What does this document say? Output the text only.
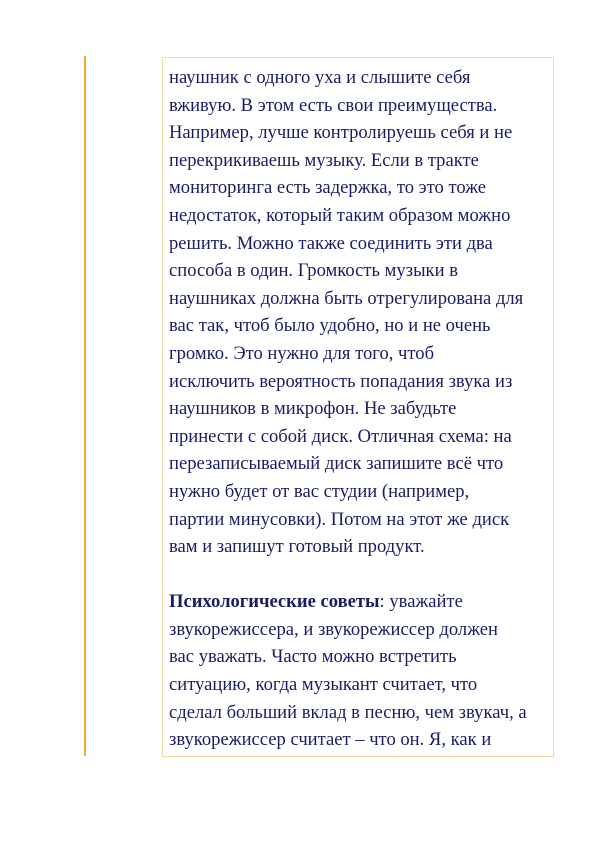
наушник с одного уха и слышите себя
вживую. В этом есть свои преимущества.
Например, лучше контролируешь себя и не
перекрикиваешь музыку. Если в тракте
мониторинга есть задержка, то это тоже
недостаток, который таким образом можно
решить. Можно также соединить эти два
способа в один. Громкость музыки в
наушниках должна быть отрегулирована для
вас так, чтоб было удобно, но и не очень
громко. Это нужно для того, чтоб
исключить вероятность попадания звука из
наушников в микрофон. Не забудьте
принести с собой диск. Отличная схема: на
перезаписываемый диск запишите всё что
нужно будет от вас студии (например,
партии минусовки). Потом на этот же диск
вам и запишут готовый продукт.
Психологические советы: уважайте
звукорежиссера, и звукорежиссер должен
вас уважать. Часто можно встретить
ситуацию, когда музыкант считает, что
сделал больший вклад в песню, чем звукач, а
звукорежиссер считает – что он. Я, как и
